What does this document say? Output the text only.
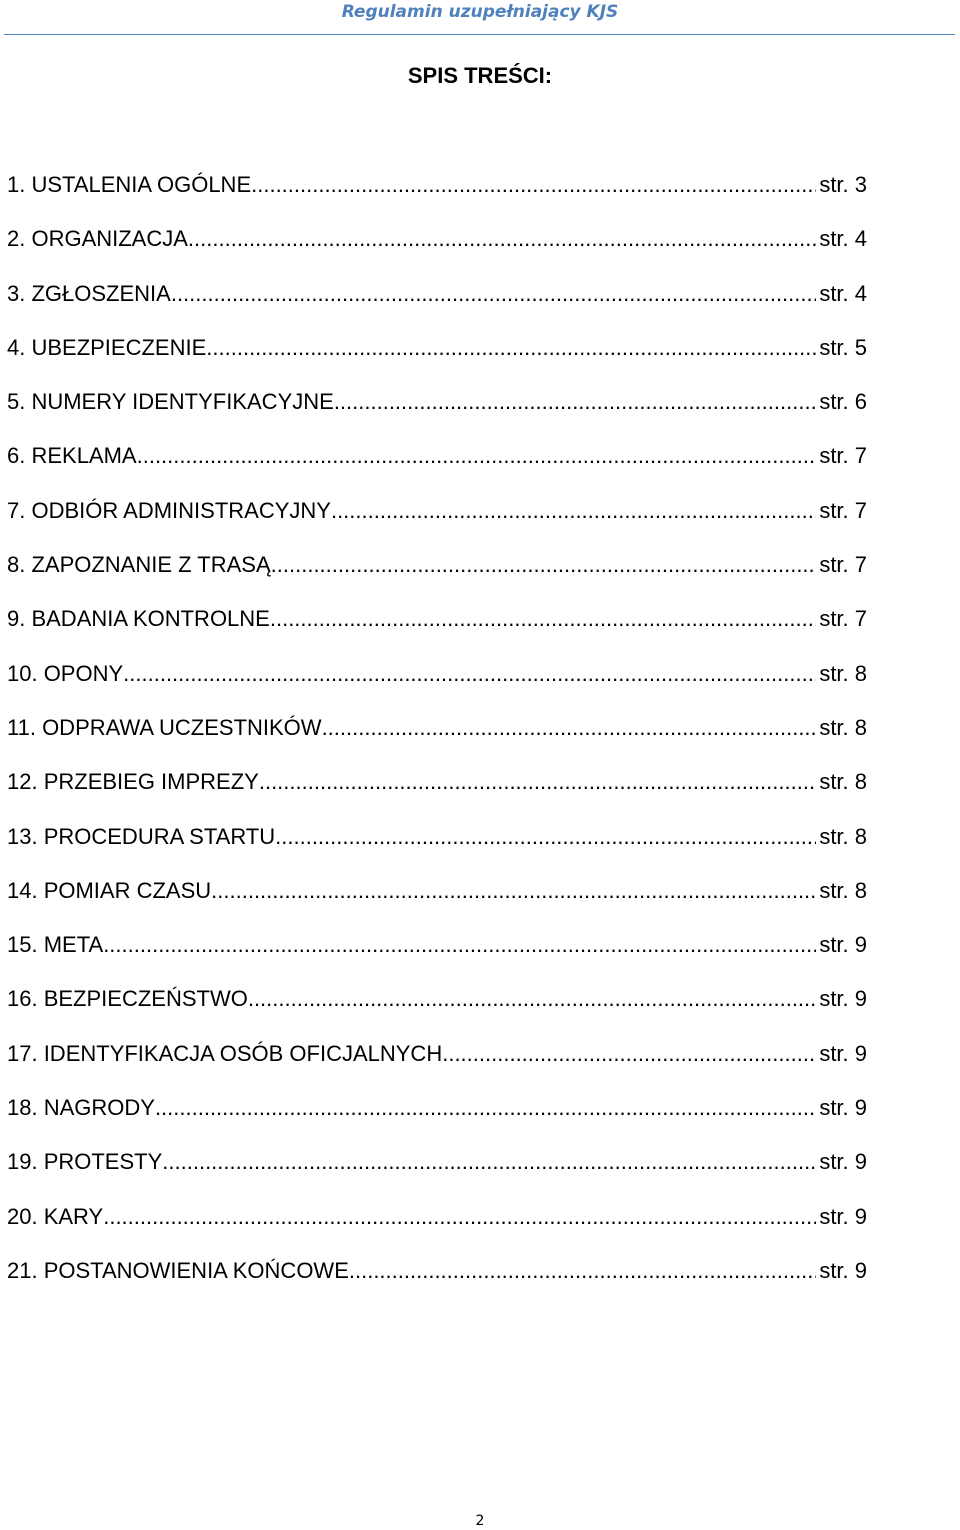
Regulamin uzupełniający KJS
SPIS TREŚCI:
1. USTALENIA OGÓLNE .....	str. 3
2. ORGANIZACJA .....	str. 4
3. ZGŁOSZENIA .....	str. 4
4. UBEZPIECZENIE .....	str. 5
5. NUMERY IDENTYFIKACYJNE .....	str. 6
6. REKLAMA .....	str. 7
7. ODBIÓR ADMINISTRACYJNY .....	str. 7
8. ZAPOZNANIE Z TRASĄ .....	str. 7
9. BADANIA KONTROLNE .....	str. 7
10. OPONY .....	str. 8
11. ODPRAWA UCZESTNIKÓW .....	str. 8
12. PRZEBIEG IMPREZY .....	str. 8
13. PROCEDURA STARTU .....	str. 8
14. POMIAR CZASU .....	str. 8
15. META .....	str. 9
16. BEZPIECZEŃSTWO .....	str. 9
17. IDENTYFIKACJA OSÓB OFICJALNYCH .....	str. 9
18. NAGRODY .....	str. 9
19. PROTESTY .....	str. 9
20. KARY .....	str. 9
21. POSTANOWIENIA KOŃCOWE .....	str. 9
2
